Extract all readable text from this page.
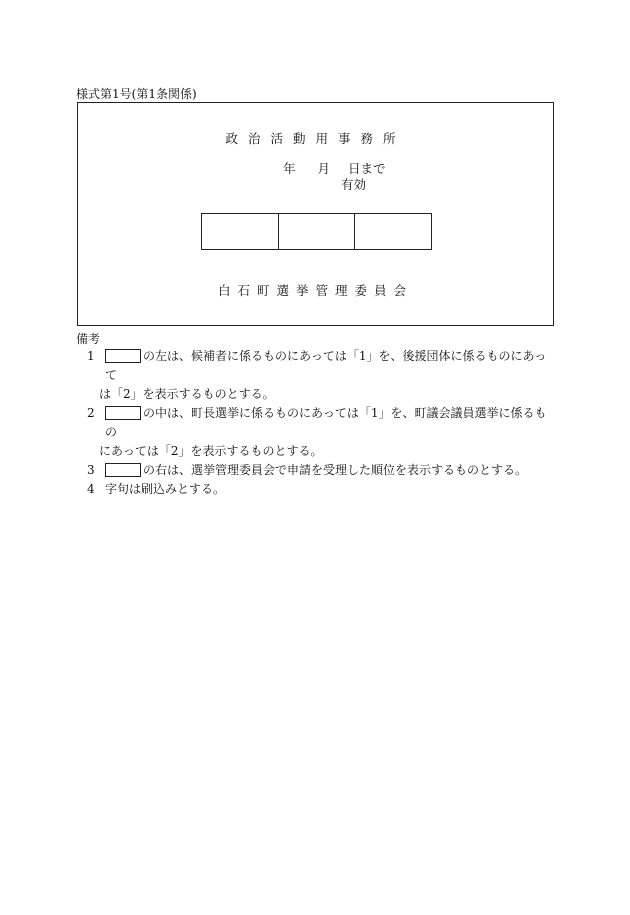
様式第1号(第1条関係)
政治活動用事務所
年 月 日まで
有効
白石町選挙管理委員会
備考
1	の左は、候補者に係るものにあっては「1」を、後援団体に係るものにあって
は「2」を表示するものとする。
2	の中は、町長選挙に係るものにあっては「1」を、町議会議員選挙に係るもの
にあっては「2」を表示するものとする。
3	の右は、選挙管理委員会で申請を受理した順位を表示するものとする。
4 字句は刷込みとする。
